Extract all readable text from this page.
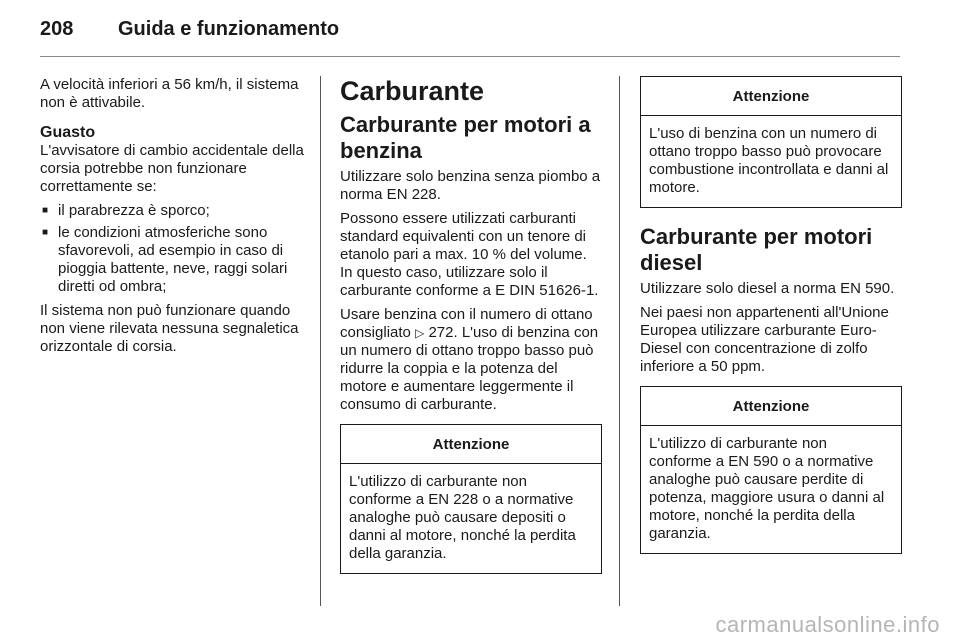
208 Guida e funzionamento

A velocità inferiori a 56 km/h, il sistema non è attivabile.

Guasto

L'avvisatore di cambio accidentale della corsia potrebbe non funzionare correttamente se:

■ il parabrezza è sporco;
■ le condizioni atmosferiche sono sfavorevoli, ad esempio in caso di pioggia battente, neve, raggi solari diretti od ombra;

Il sistema non può funzionare quando non viene rilevata nessuna segnaletica orizzontale di corsia.

Carburante
Carburante per motori a benzina

Utilizzare solo benzina senza piombo a norma EN 228.

Possono essere utilizzati carburanti standard equivalenti con un tenore di etanolo pari a max. 10 % del volume. In questo caso, utilizzare solo il carburante conforme a E DIN 51626-1.

Usare benzina con il numero di ottano consigliato ▷ 272. L'uso di benzina con un numero di ottano troppo basso può ridurre la coppia e la potenza del motore e aumentare leggermente il consumo di carburante.

Attenzione
L'utilizzo di carburante non conforme a EN 228 o a normative analoghe può causare depositi o danni al motore, nonché la perdita della garanzia.
Attenzione
L'uso di benzina con un numero di ottano troppo basso può provocare combustione incontrollata e danni al motore.
Carburante per motori diesel

Utilizzare solo diesel a norma EN 590.

Nei paesi non appartenenti all'Unione Europea utilizzare carburante Euro-Diesel con concentrazione di zolfo inferiore a 50 ppm.

Attenzione
L'utilizzo di carburante non conforme a EN 590 o a normative analoghe può causare perdite di potenza, maggiore usura o danni al motore, nonché la perdita della garanzia.
carmanualsonline.info
